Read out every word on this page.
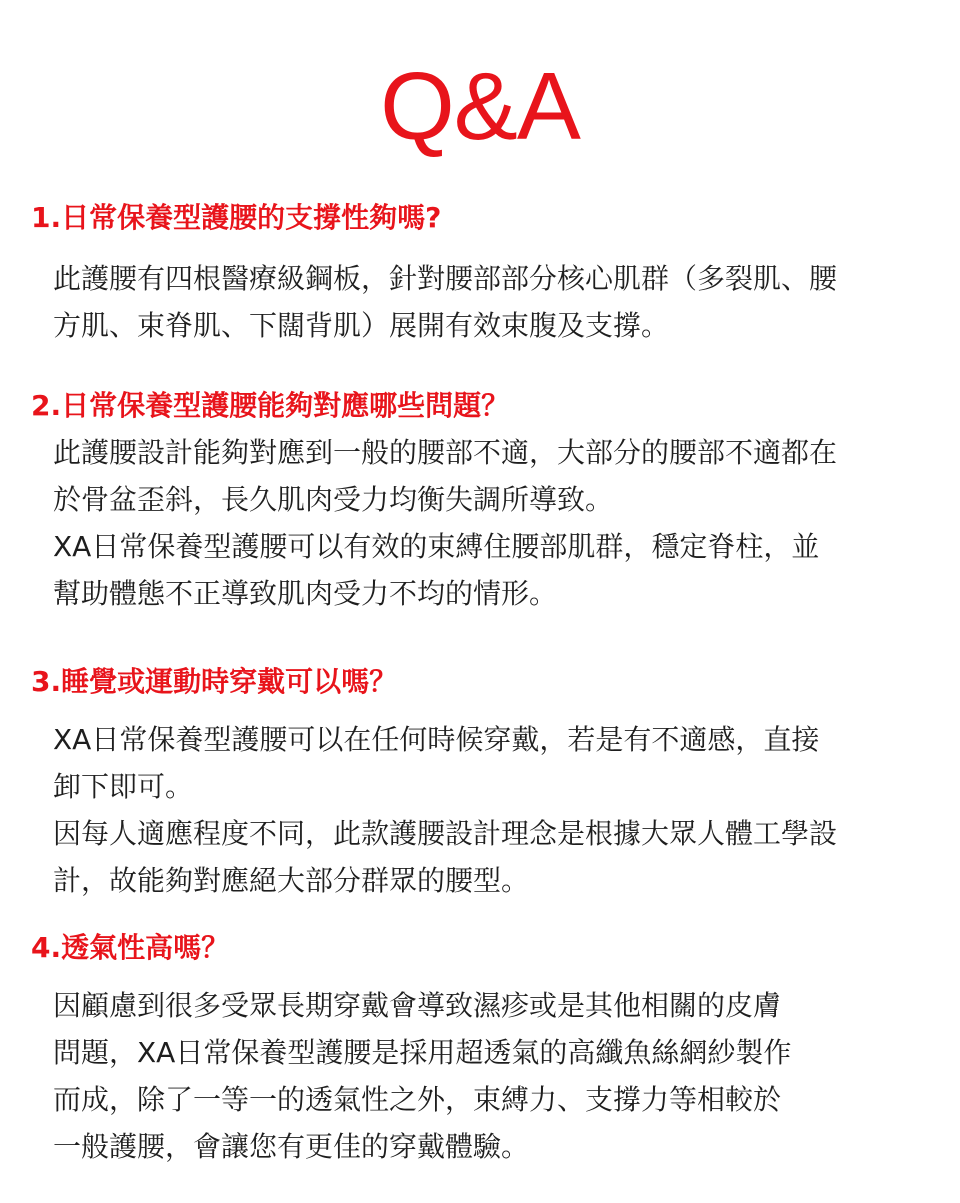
Q&A
1.日常保養型護腰的支撐性夠嗎?

此護腰有四根醫療級鋼板，針對腰部部分核心肌群（多裂肌、腰

方肌、束脊肌、下闊背肌）展開有效束腹及支撐。

2.日常保養型護腰能夠對應哪些問題？

此護腰設計能夠對應到一般的腰部不適，大部分的腰部不適都在

於骨盆歪斜，長久肌肉受力均衡失調所導致。

XA日常保養型護腰可以有效的束縛住腰部肌群，穩定脊柱，並

幫助體態不正導致肌肉受力不均的情形。

3.睡覺或運動時穿戴可以嗎？

XA日常保養型護腰可以在任何時候穿戴，若是有不適感，直接

卸下即可。

因每人適應程度不同，此款護腰設計理念是根據大眾人體工學設

計，故能夠對應絕大部分群眾的腰型。

4.透氣性高嗎？

因顧慮到很多受眾長期穿戴會導致濕疹或是其他相關的皮膚

問題，XA日常保養型護腰是採用超透氣的高纖魚絲網紗製作

而成，除了一等一的透氣性之外，束縛力、支撐力等相較於

一般護腰，會讓您有更佳的穿戴體驗。
